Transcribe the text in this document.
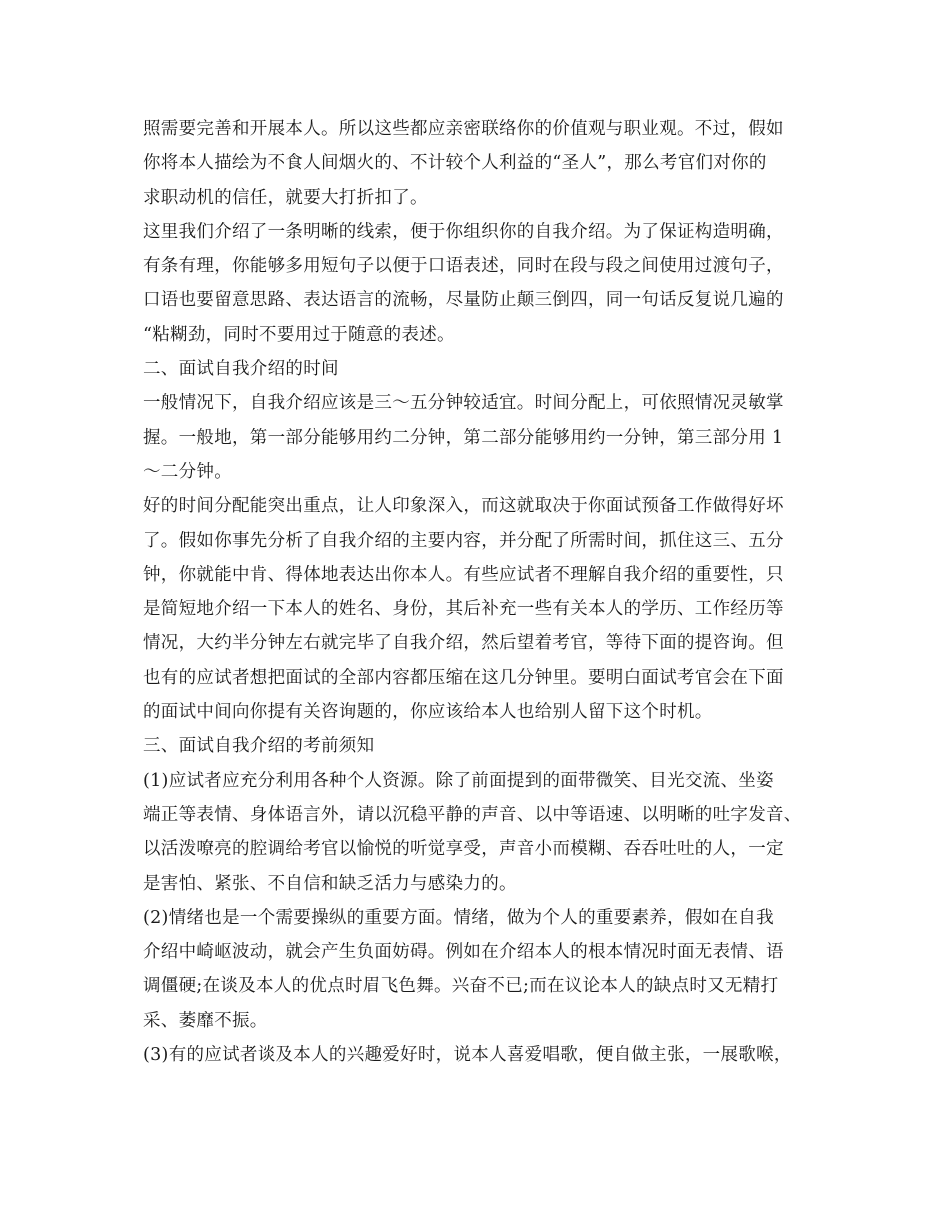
照需要完善和开展本人。所以这些都应亲密联络你的价值观与职业观。不过，假如
你将本人描绘为不食人间烟火的、不计较个人利益的“圣人”，那么考官们对你的
求职动机的信任，就要大打折扣了。
这里我们介绍了一条明晰的线索，便于你组织你的自我介绍。为了保证构造明确，
有条有理，你能够多用短句子以便于口语表述，同时在段与段之间使用过渡句子，
口语也要留意思路、表达语言的流畅，尽量防止颠三倒四，同一句话反复说几遍的
“粘糊劲，同时不要用过于随意的表述。
二、面试自我介绍的时间
一般情况下，自我介绍应该是三～五分钟较适宜。时间分配上，可依照情况灵敏掌
握。一般地，第一部分能够用约二分钟，第二部分能够用约一分钟，第三部分用 1
～二分钟。
好的时间分配能突出重点，让人印象深入，而这就取决于你面试预备工作做得好坏
了。假如你事先分析了自我介绍的主要内容，并分配了所需时间，抓住这三、五分
钟，你就能中肯、得体地表达出你本人。有些应试者不理解自我介绍的重要性，只
是简短地介绍一下本人的姓名、身份，其后补充一些有关本人的学历、工作经历等
情况，大约半分钟左右就完毕了自我介绍，然后望着考官，等待下面的提咨询。但
也有的应试者想把面试的全部内容都压缩在这几分钟里。要明白面试考官会在下面
的面试中间向你提有关咨询题的，你应该给本人也给别人留下这个时机。
三、面试自我介绍的考前须知
(1)应试者应充分利用各种个人资源。除了前面提到的面带微笑、目光交流、坐姿
端正等表情、身体语言外，请以沉稳平静的声音、以中等语速、以明晰的吐字发音、
以活泼嘹亮的腔调给考官以愉悦的听觉享受，声音小而模糊、吞吞吐吐的人，一定
是害怕、紧张、不自信和缺乏活力与感染力的。
(2)情绪也是一个需要操纵的重要方面。情绪，做为个人的重要素养，假如在自我
介绍中崎岖波动，就会产生负面妨碍。例如在介绍本人的根本情况时面无表情、语
调僵硬;在谈及本人的优点时眉飞色舞。兴奋不已;而在议论本人的缺点时又无精打
采、萎靡不振。
(3)有的应试者谈及本人的兴趣爱好时，说本人喜爱唱歌，便自做主张，一展歌喉，
